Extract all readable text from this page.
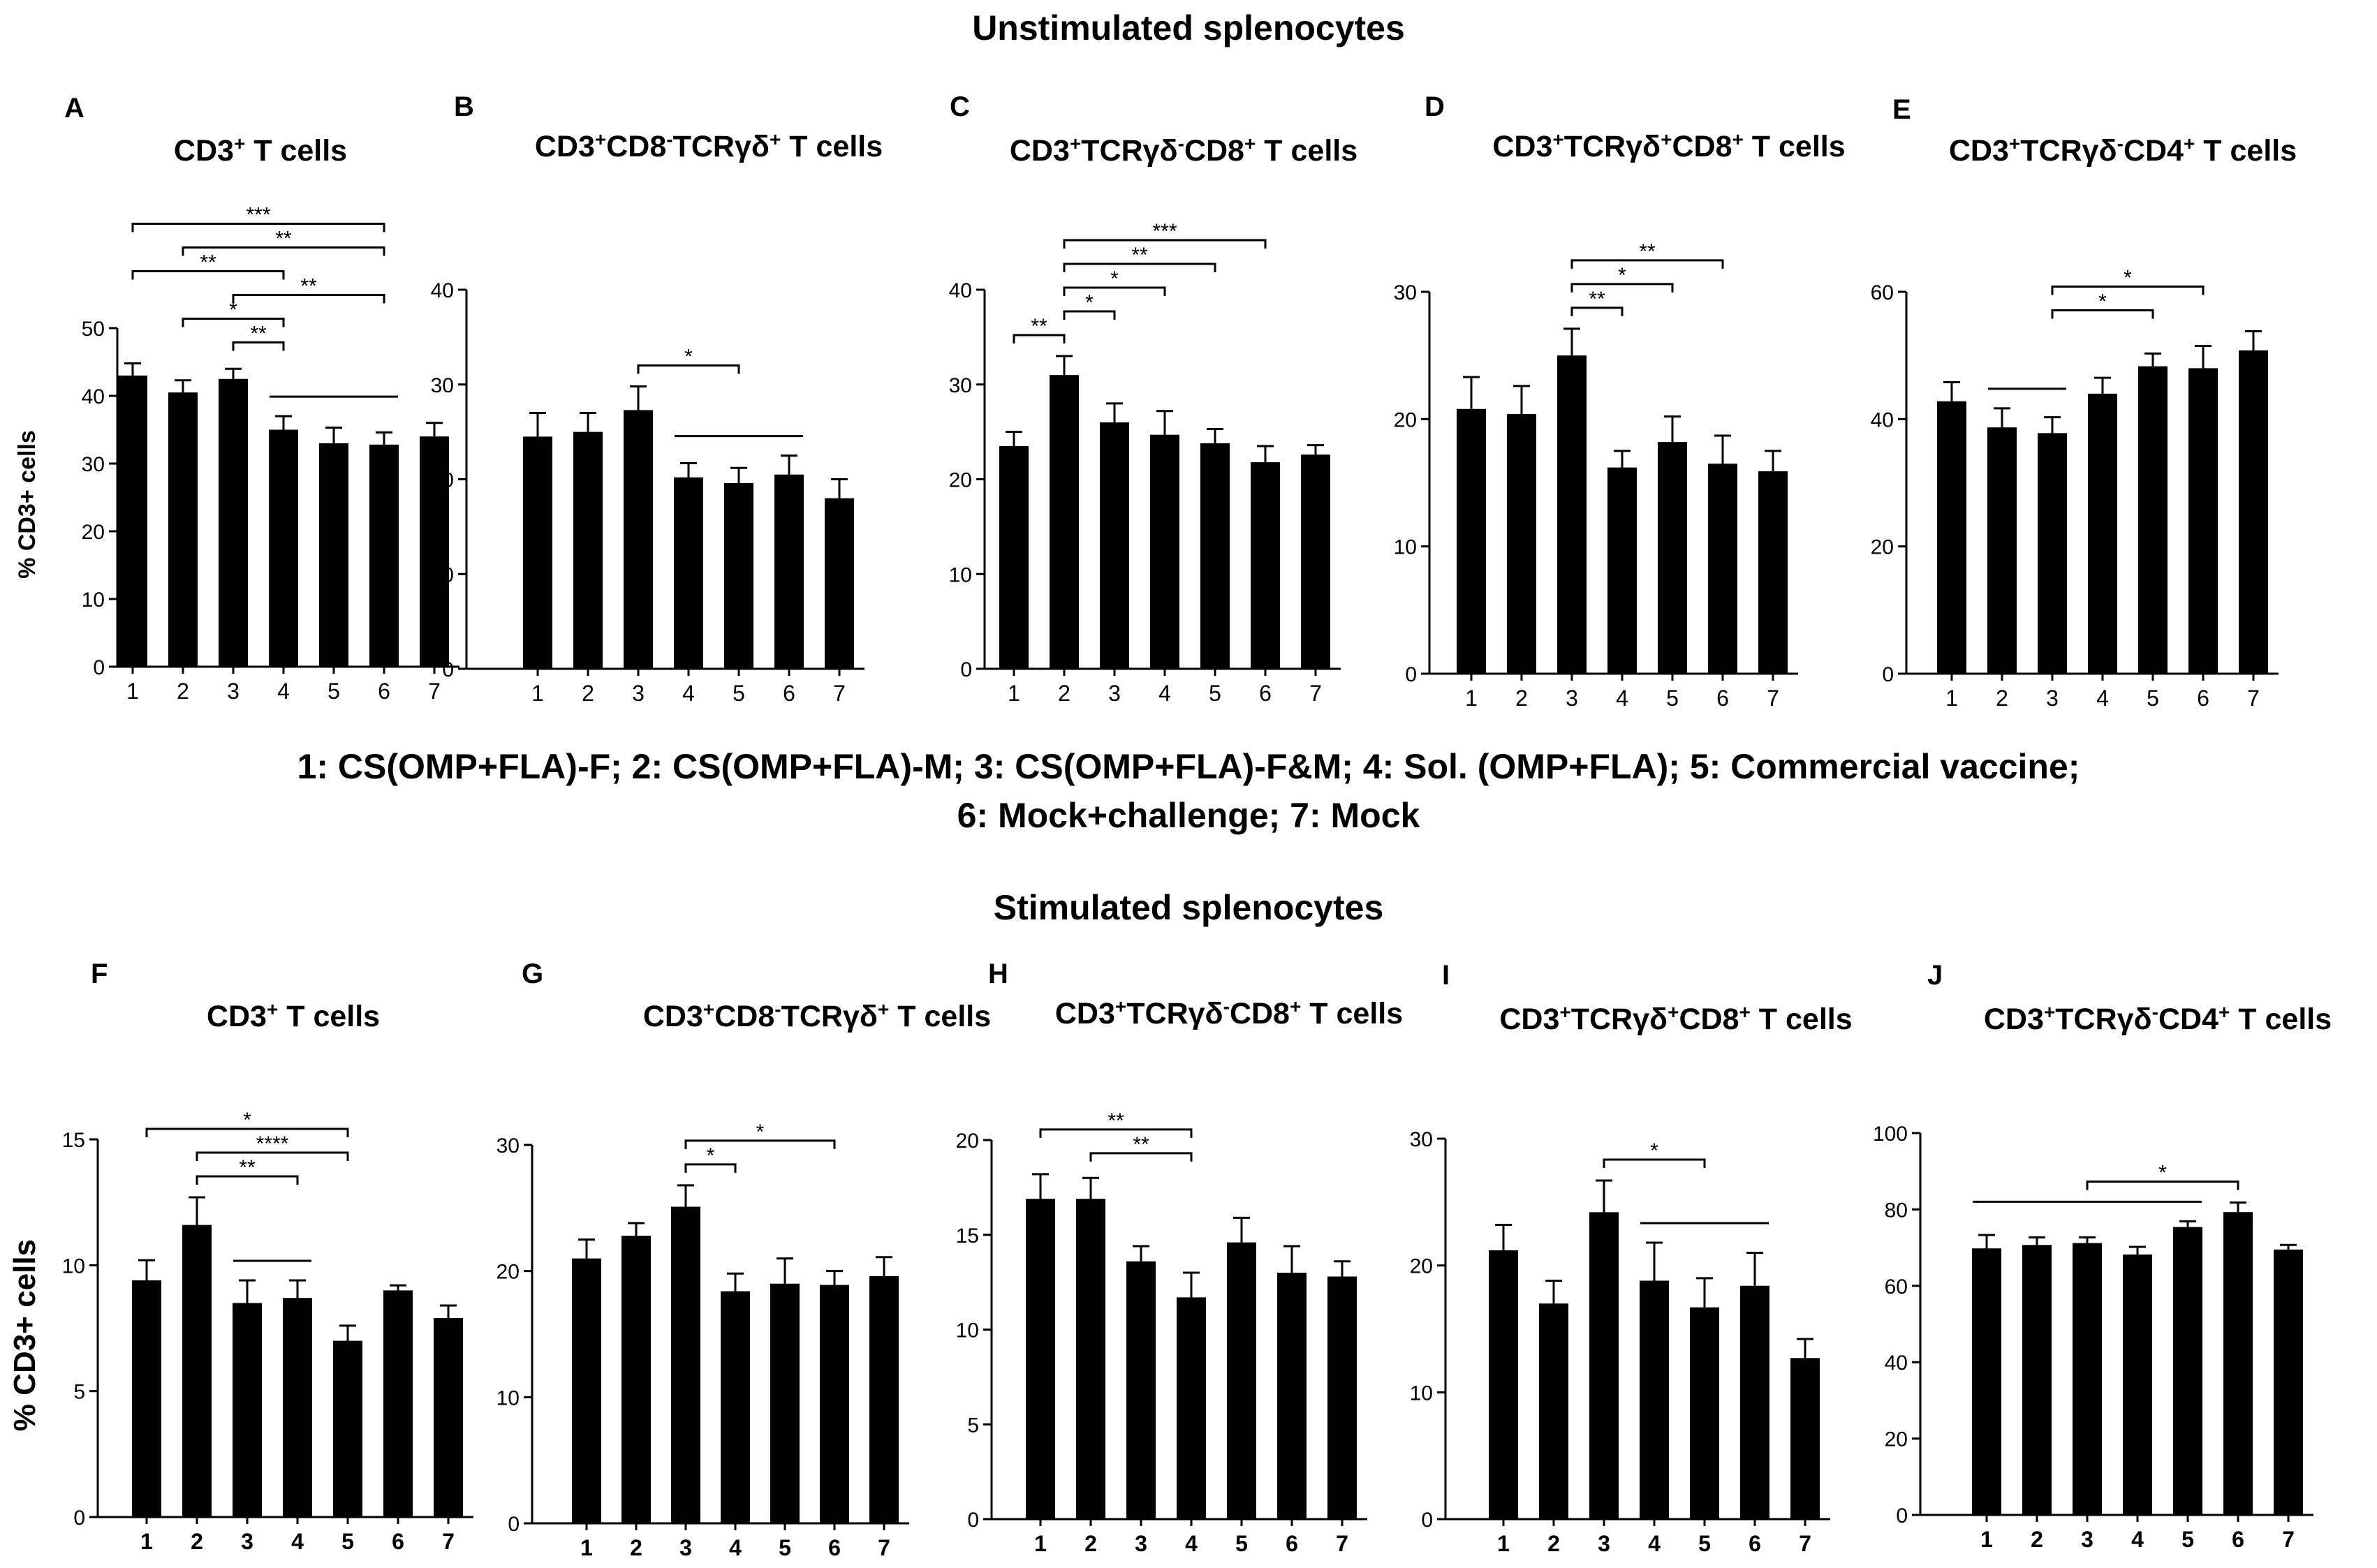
Unstimulated splenocytes
1: CS(OMP+FLA)-F; 2: CS(OMP+FLA)-M; 3: CS(OMP+FLA)-F&M; 4: Sol. (OMP+FLA); 5: Commercial vaccine;
6: Mock+challenge; 7: Mock
Stimulated splenocytes
A
CD3+ T cells
0
10
20
30
40
50
% CD3+ cells
1 2 3 4 5 6 7
**
*
**
**
**
***
B
CD3+CD8-TCRγδ+ T cells
0
10
20
30
40
1 2 3 4 5 6 7
*
C
CD3+TCRγδ-CD8+ T cells
0
10
20
30
40
1 2 3 4 5 6 7
**
*
*
**
***
D
CD3+TCRγδ+CD8+ T cells
0
10
20
30
1 2 3 4 5 6 7
**
*
**
E
CD3+TCRγδ-CD4+ T cells
0
20
40
60
1 2 3 4 5 6 7
*
*
F
CD3+ T cells
0
5
10
15
% CD3+ cells
1 2 3 4 5 6 7
**
****
*
G
CD3+CD8-TCRγδ+ T cells
0
10
20
30
1 2 3 4 5 6 7
*
*
H
CD3+TCRγδ-CD8+ T cells
0
5
10
15
20
1 2 3 4 5 6 7
**
**
I
CD3+TCRγδ+CD8+ T cells
0
10
20
30
1 2 3 4 5 6 7
*
J
CD3+TCRγδ-CD4+ T cells
0
20
40
60
80
100
1 2 3 4 5 6 7
*
